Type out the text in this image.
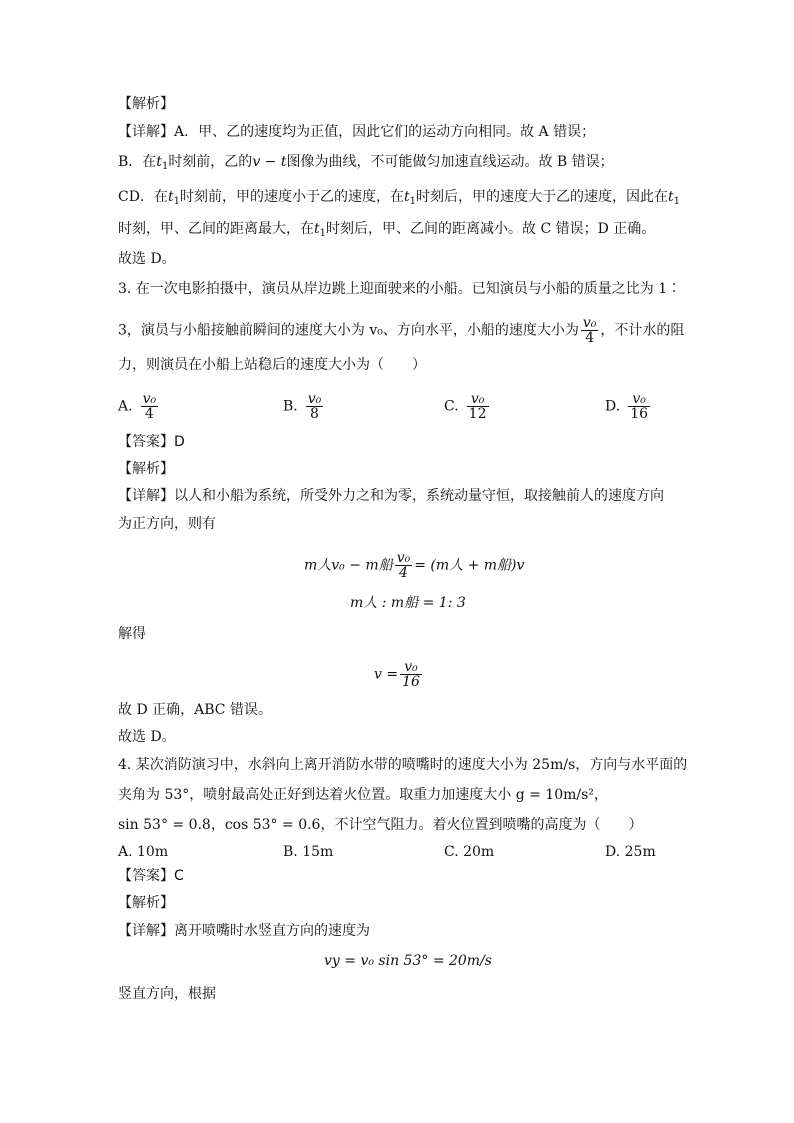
【解析】
【详解】A．甲、乙的速度均为正值，因此它们的运动方向相同。故 A 错误；
B．在$t_1$时刻前，乙的v − t图像为曲线，不可能做匀加速直线运动。故 B 错误；
CD．在$t_1$时刻前，甲的速度小于乙的速度，在$t_1$时刻后，甲的速度大于乙的速度，因此在$t_1$
时刻，甲、乙间的距离最大，在$t_1$时刻后，甲、乙间的距离减小。故 C 错误；D 正确。
故选 D。
3. 在一次电影拍摄中，演员从岸边跳上迎面驶来的小船。已知演员与小船的质量之比为 1∶
3，演员与小船接触前瞬间的速度大小为 v₀、方向水平，小船的速度大小为 $\frac{\text{v₀}}{4}$ ，不计水的阻
力，则演员在小船上站稳后的速度大小为（　　）
A. $\frac{\text{v₀}}{4}$	B. $\frac{\text{v₀}}{8}$	C. $\frac{\text{v₀}}{12}$	D. $\frac{\text{v₀}}{16}$
【答案】D
【解析】
【详解】以人和小船为系统，所受外力之和为零，系统动量守恒，取接触前人的速度方向
为正方向，则有
m人v₀ − m船 $\frac{\text{v₀}}{4} = (m$人 + m船)v
m人 : m船 = 1: 3
解得
$v = \frac{\text{v₀}}{16}$
故 D 正确，ABC 错误。
故选 D。
4. 某次消防演习中，水斜向上离开消防水带的喷嘴时的速度大小为 25m/s，方向与水平面的
夹角为 53°，喷射最高处正好到达着火位置。取重力加速度大小 g = 10m/s²，
sin 53° = 0.8，cos 53° = 0.6，不计空气阻力。着火位置到喷嘴的高度为（　　）
A. 10m	B. 15m	C. 20m	D. 25m
【答案】C
【解析】
【详解】离开喷嘴时水竖直方向的速度为
vy = v₀ sin 53° = 20m/s
竖直方向，根据
